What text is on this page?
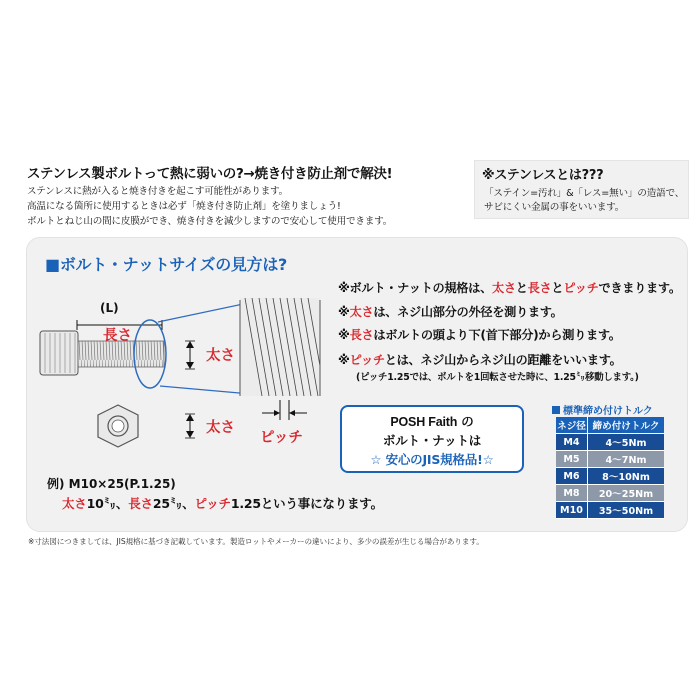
ステンレス製ボルトって熱に弱いの?→焼き付き防止剤で解決!
ステンレスに熱が入ると焼き付きを起こす可能性があります。
高温になる箇所に使用するときは必ず「焼き付き防止剤」を塗りましょう!
ボルトとねじ山の間に皮膜ができ、焼き付きを減少しますので安心して使用できます。
※ステンレスとは???
「ステイン=汚れ」&「レス=無い」の造語で、
サビにくい金属の事をいいます。
■ボルト・ナットサイズの見方は?
(L)
長さ
太さ
太さ
ピッチ
※ボルト・ナットの規格は、太さと長さとピッチできまります。
※太さは、ネジ山部分の外径を測ります。
※長さはボルトの頭より下(首下部分)から測ります。
※ピッチとは、ネジ山からネジ山の距離をいいます。
(ピッチ1.25では、ボルトを1回転させた時に、1.25㍉移動します。)
POSH Faith の
ボルト・ナットは
☆ 安心のJIS規格品!☆
標準締め付けトルク
ネジ径	締め付けトルク
M4	4〜5Nm
M5	4〜7Nm
M6	8〜10Nm
M8	20〜25Nm
M10	35〜50Nm
例) M10×25(P.1.25)
太さ10㍉、長さ25㍉、ピッチ1.25という事になります。
※寸法図につきましては、JIS規格に基づき記載しています。製造ロットやメーカーの違いにより、多少の誤差が生じる場合があります。
